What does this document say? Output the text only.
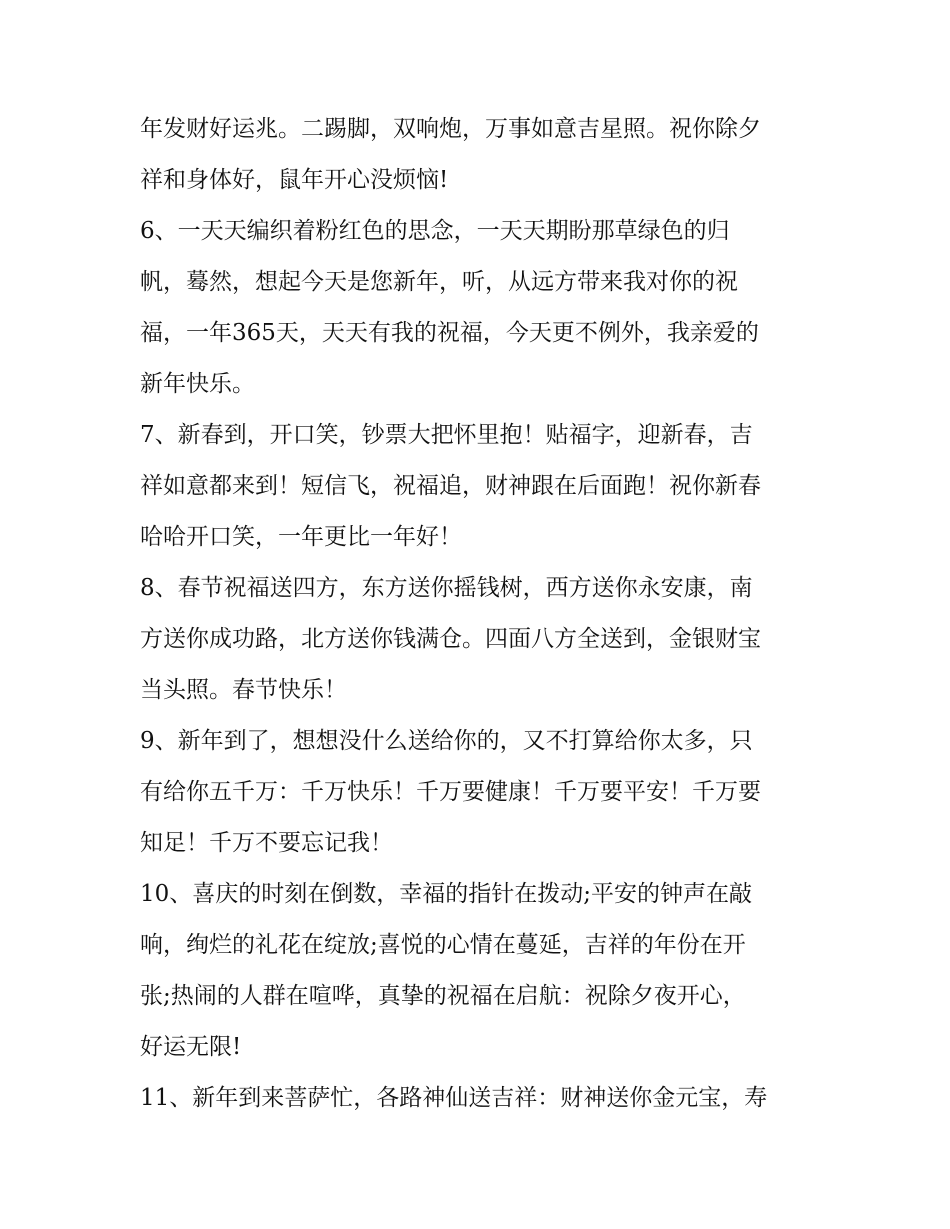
年发财好运兆。二踢脚，双响炮，万事如意吉星照。祝你除夕
祥和身体好，鼠年开心没烦恼!
6、一天天编织着粉红色的思念，一天天期盼那草绿色的归
帆，蓦然，想起今天是您新年，听，从远方带来我对你的祝
福，一年365天，天天有我的祝福，今天更不例外，我亲爱的
新年快乐。
7、新春到，开口笑，钞票大把怀里抱！贴福字，迎新春，吉
祥如意都来到！短信飞，祝福追，财神跟在后面跑！祝你新春
哈哈开口笑，一年更比一年好！
8、春节祝福送四方，东方送你摇钱树，西方送你永安康，南
方送你成功路，北方送你钱满仓。四面八方全送到，金银财宝
当头照。春节快乐！
9、新年到了，想想没什么送给你的，又不打算给你太多，只
有给你五千万：千万快乐！千万要健康！千万要平安！千万要
知足！千万不要忘记我！
10、喜庆的时刻在倒数，幸福的指针在拨动;平安的钟声在敲
响，绚烂的礼花在绽放;喜悦的心情在蔓延，吉祥的年份在开
张;热闹的人群在喧哗，真挚的祝福在启航：祝除夕夜开心，
好运无限!
11、新年到来菩萨忙，各路神仙送吉祥：财神送你金元宝，寿
